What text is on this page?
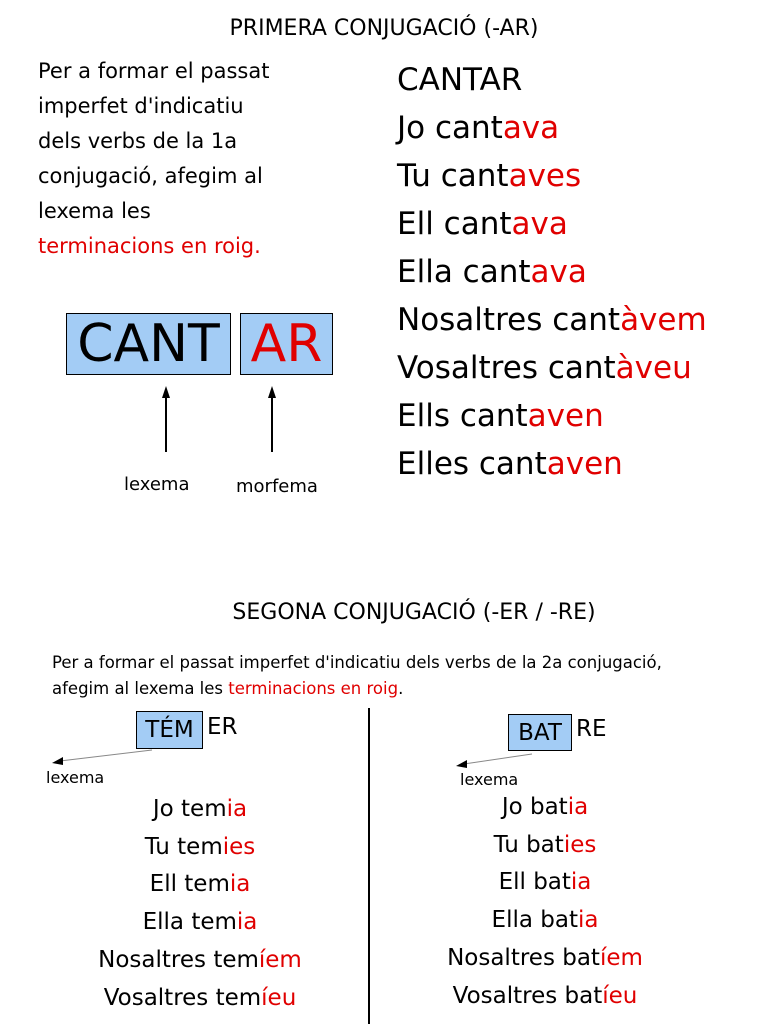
PRIMERA CONJUGACIÓ (-AR)
Per a formar el passat
imperfet d'indicatiu
dels verbs de la 1a
conjugació, afegim al
lexema les
terminacions en roig.
CANT AR
lexema	morfema
CANTAR
Jo cantava
Tu cantaves
Ell cantava
Ella cantava
Nosaltres cantàvem
Vosaltres cantàveu
Ells cantaven
Elles cantaven
SEGONA CONJUGACIÓ (-ER / -RE)
Per a formar el passat imperfet d'indicatiu dels verbs de la 2a conjugació,
afegim al lexema les terminacions en roig.
TÉM ER
lexema
Jo temia
Tu temies
Ell temia
Ella temia
Nosaltres temíem
Vosaltres temíeu
BAT RE
lexema
Jo batia
Tu baties
Ell batia
Ella batia
Nosaltres batíem
Vosaltres batíeu
